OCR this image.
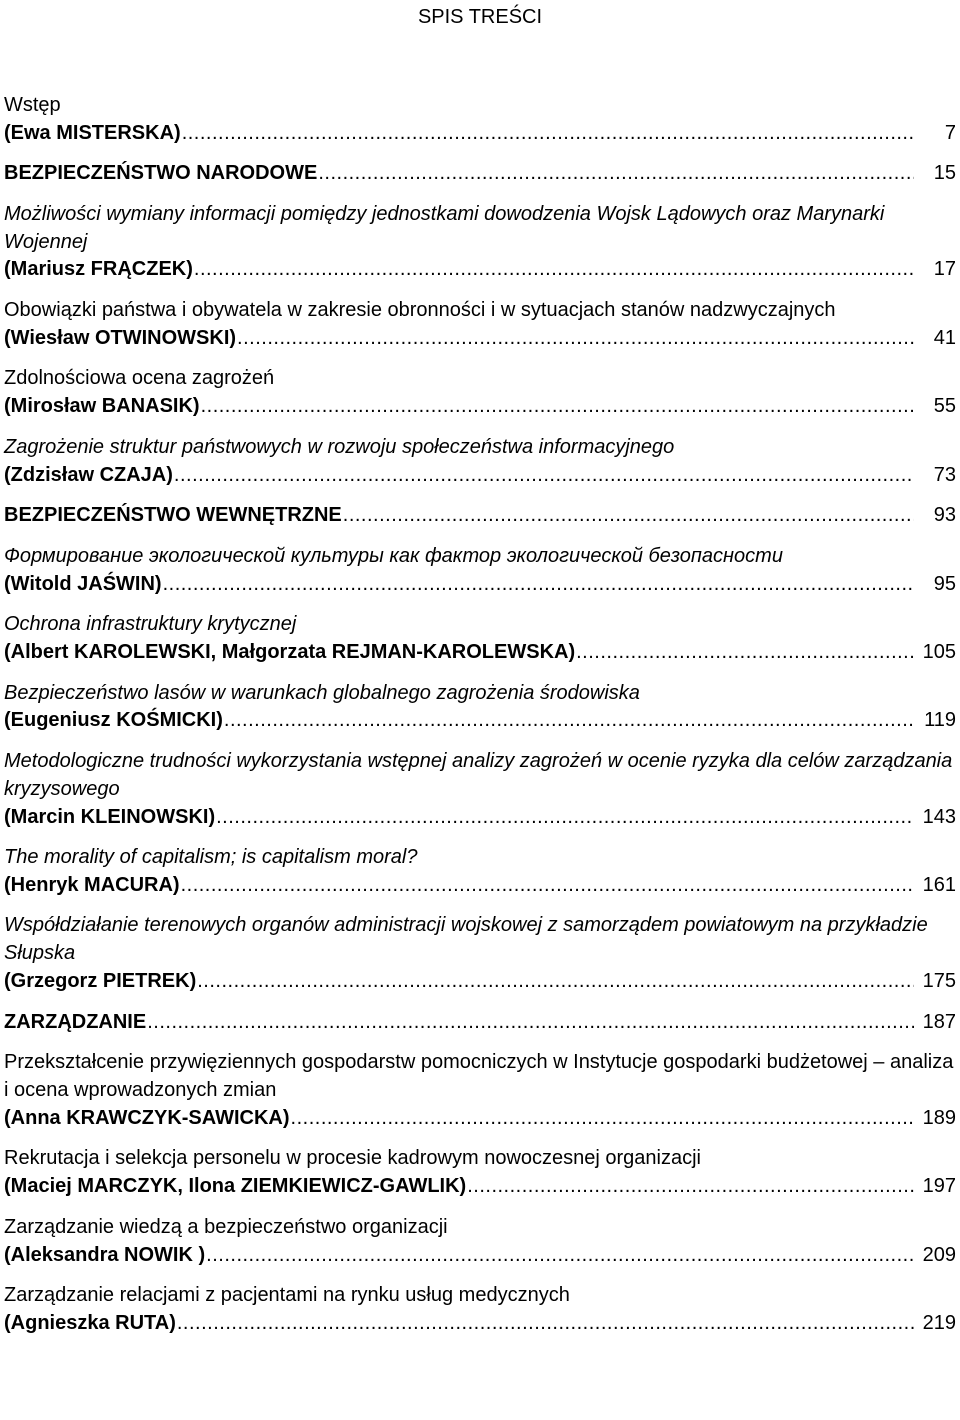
SPIS TREŚCI
Wstęp
(Ewa MISTERSKA) .....	7
BEZPIECZEŃSTWO NARODOWE .....	15
Możliwości wymiany informacji pomiędzy jednostkami dowodzenia Wojsk Lądowych oraz Marynarki Wojennej
(Mariusz FRĄCZEK) .....	17
Obowiązki państwa i obywatela w zakresie obronności i w sytuacjach stanów nadzwyczajnych
(Wiesław OTWINOWSKI) .....	41
Zdolnościowa ocena zagrożeń
(Mirosław BANASIK) .....	55
Zagrożenie struktur państwowych w rozwoju społeczeństwa informacyjnego
(Zdzisław CZAJA) .....	73
BEZPIECZEŃSTWO WEWNĘTRZNE .....	93
Формирование экологической культуры как фактор экологической безопасности
(Witold JAŚWIN) .....	95
Ochrona infrastruktury krytycznej
(Albert KAROLEWSKI, Małgorzata REJMAN-KAROLEWSKA) .....	105
Bezpieczeństwo lasów w warunkach globalnego zagrożenia środowiska
(Eugeniusz KOŚMICKI) .....	119
Metodologiczne trudności wykorzystania wstępnej analizy zagrożeń w ocenie ryzyka dla celów zarządzania kryzysowego
(Marcin KLEINOWSKI) .....	143
The morality of capitalism; is capitalism moral?
(Henryk MACURA) .....	161
Współdziałanie terenowych organów administracji wojskowej z samorządem powiatowym na przykładzie Słupska
(Grzegorz PIETREK) .....	175
ZARZĄDZANIE .....	187
Przekształcenie przywięziennych gospodarstw pomocniczych w Instytucje gospodarki budżetowej – analiza i ocena wprowadzonych zmian
(Anna KRAWCZYK-SAWICKA) .....	189
Rekrutacja i selekcja personelu w procesie kadrowym nowoczesnej organizacji
(Maciej MARCZYK, Ilona ZIEMKIEWICZ-GAWLIK) .....	197
Zarządzanie wiedzą a bezpieczeństwo organizacji
(Aleksandra NOWIK ) .....	209
Zarządzanie relacjami z pacjentami na rynku usług medycznych
(Agnieszka RUTA) .....	219
